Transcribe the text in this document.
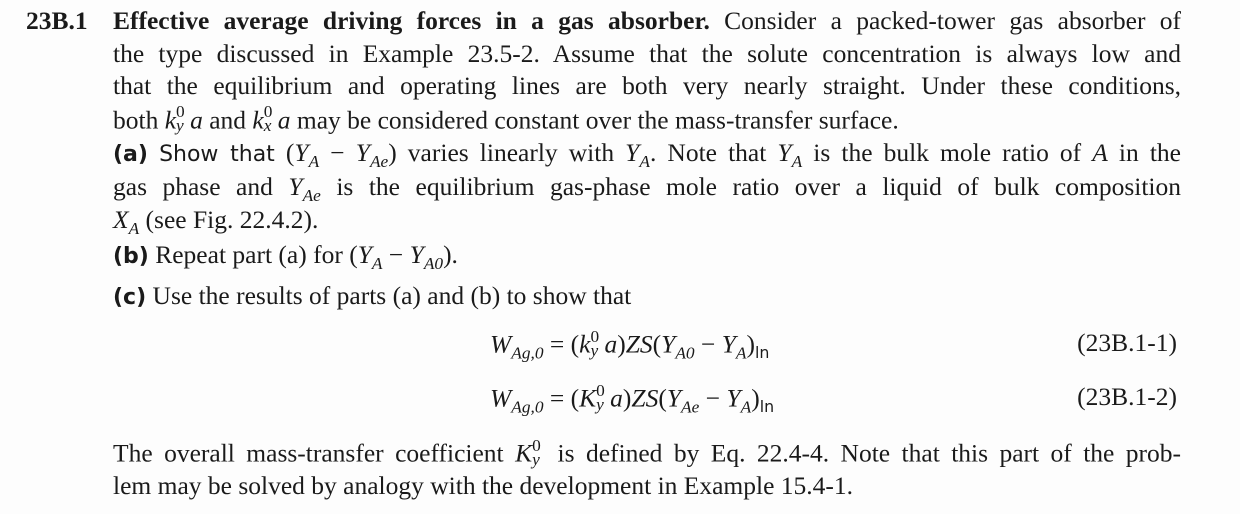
23B.1 Effective average driving forces in a gas absorber. Consider a packed-tower gas absorber of
the type discussed in Example 23.5-2. Assume that the solute concentration is always low and
that the equilibrium and operating lines are both very nearly straight. Under these conditions,
both k 0
y a and k 0
x a may be considered constant over the mass-transfer surface.
(a) Show that $(Y_A - Y_{Ae})$ varies linearly with $Y_A$. Note that $Y_A$ is the bulk mole ratio of A in the
gas phase and $Y_{Ae}$ is the equilibrium gas-phase mole ratio over a liquid of bulk composition
$X_A$ (see Fig. 22.4.2).
(b) Repeat part (a) for $(Y_A - Y_{A0})$.
(c) Use the results of parts (a) and (b) to show that
$W_{Ag,0} = (k$ 0
y $a)ZS(Y_{A0} - Y_A)_{ln}$	(23B.1-1)
$W_{Ag,0} = (K$ 0
y $a)ZS(Y_{Ae} - Y_A)_{ln}$	(23B.1-2)
The overall mass-transfer coefficient K 0
y is defined by Eq. 22.4-4. Note that this part of the prob-
lem may be solved by analogy with the development in Example 15.4-1.
